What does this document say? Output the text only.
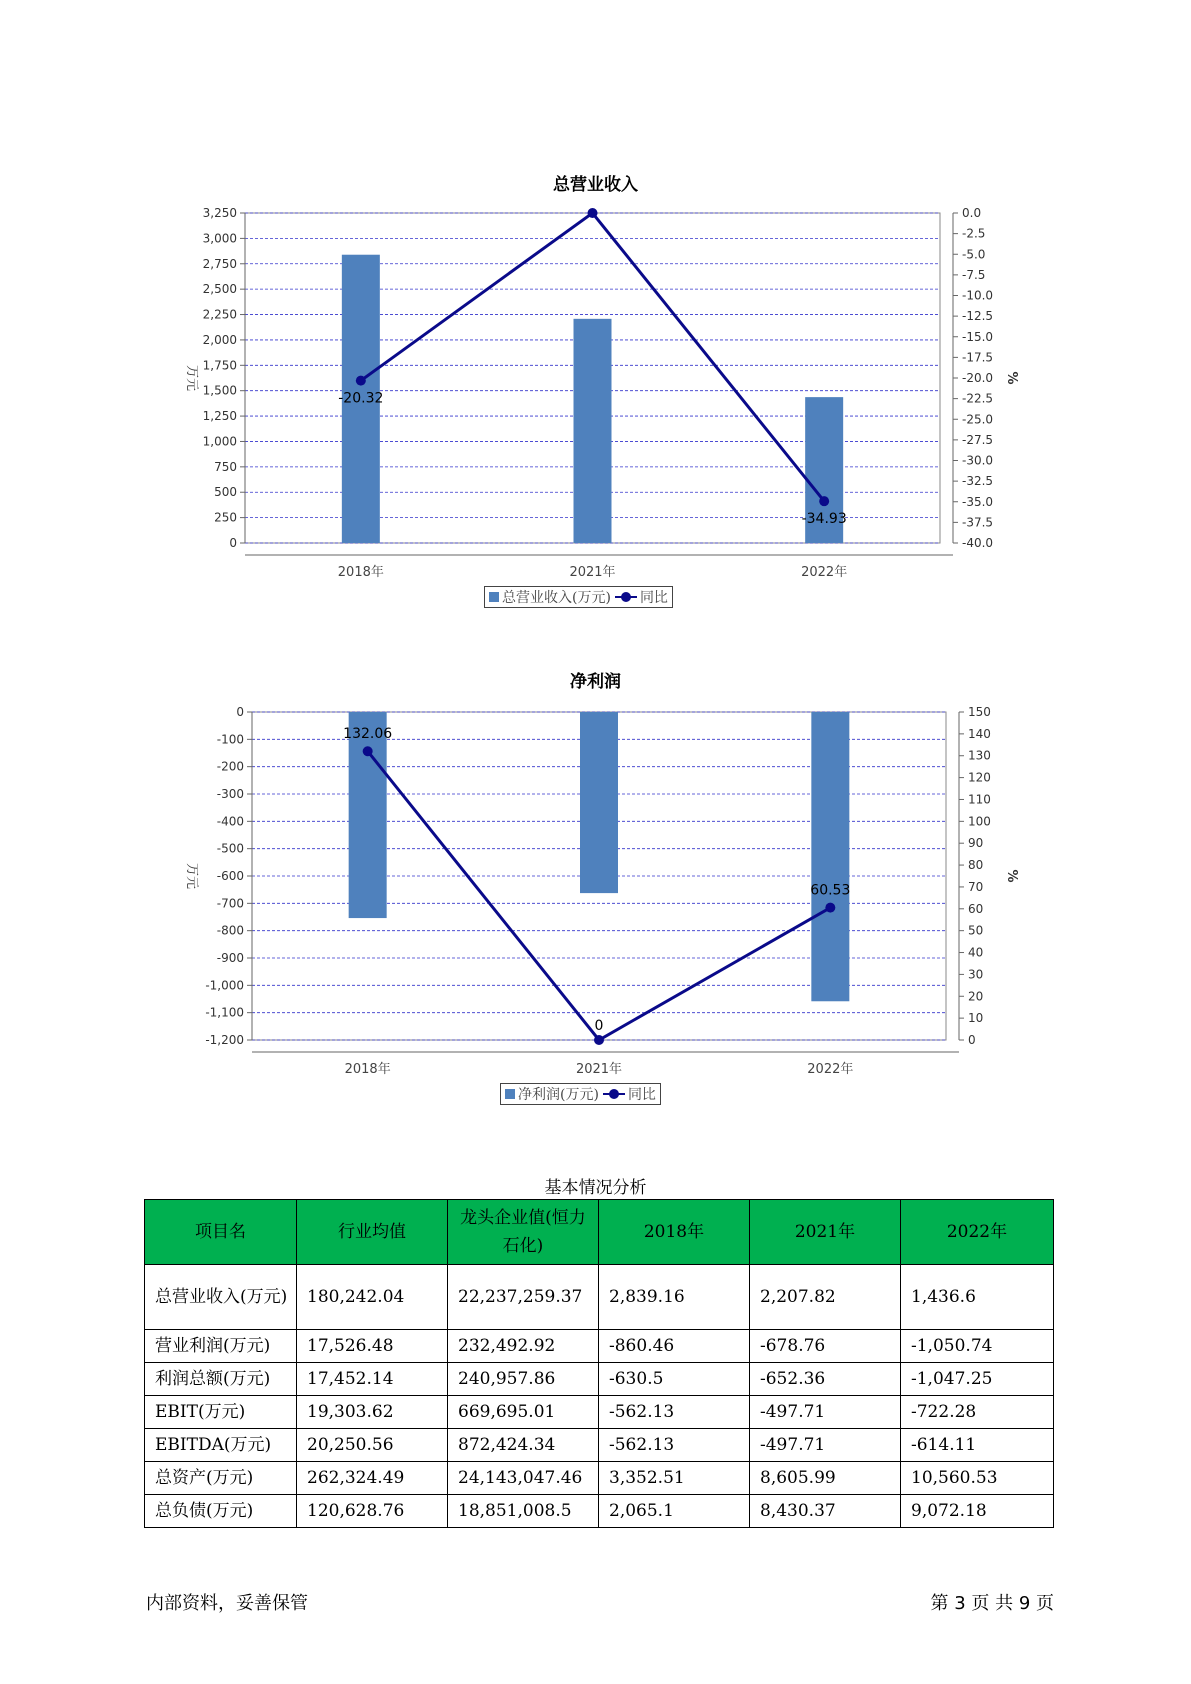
总营业收入
3,250
3,000
2,750
2,500
2,250
2,000
1,750
1,500
1,250
1,000
750
500
250
0
0.0
-2.5
-5.0
-7.5
-10.0
-12.5
-15.0
-17.5
-20.0
-22.5
-25.0
-27.5
-30.0
-32.5
-35.0
-37.5
-40.0
万元	%
2018年	2021年	2022年
-20.32
-34.93
总营业收入(万元) 同比
净利润
0
-100
-200
-300
-400
-500
-600
-700
-800
-900
-1,000
-1,100
-1,200
150
140
130
120
110
100
90
80
70
60
50
40
30
20
10
0
万元	%
2018年	2021年	2022年
132.06
0
60.53
净利润(万元) 同比
基本情况分析
项目名	行业均值	龙头企业值(恒力石化)	2018年	2021年	2022年
总营业收入(万元)	180,242.04	22,237,259.37	2,839.16	2,207.82	1,436.6
营业利润(万元)	17,526.48	232,492.92	-860.46	-678.76	-1,050.74
利润总额(万元)	17,452.14	240,957.86	-630.5	-652.36	-1,047.25
EBIT(万元)	19,303.62	669,695.01	-562.13	-497.71	-722.28
EBITDA(万元)	20,250.56	872,424.34	-562.13	-497.71	-614.11
总资产(万元)	262,324.49	24,143,047.46	3,352.51	8,605.99	10,560.53
总负债(万元)	120,628.76	18,851,008.5	2,065.1	8,430.37	9,072.18
内部资料，妥善保管	第 3 页 共 9 页
